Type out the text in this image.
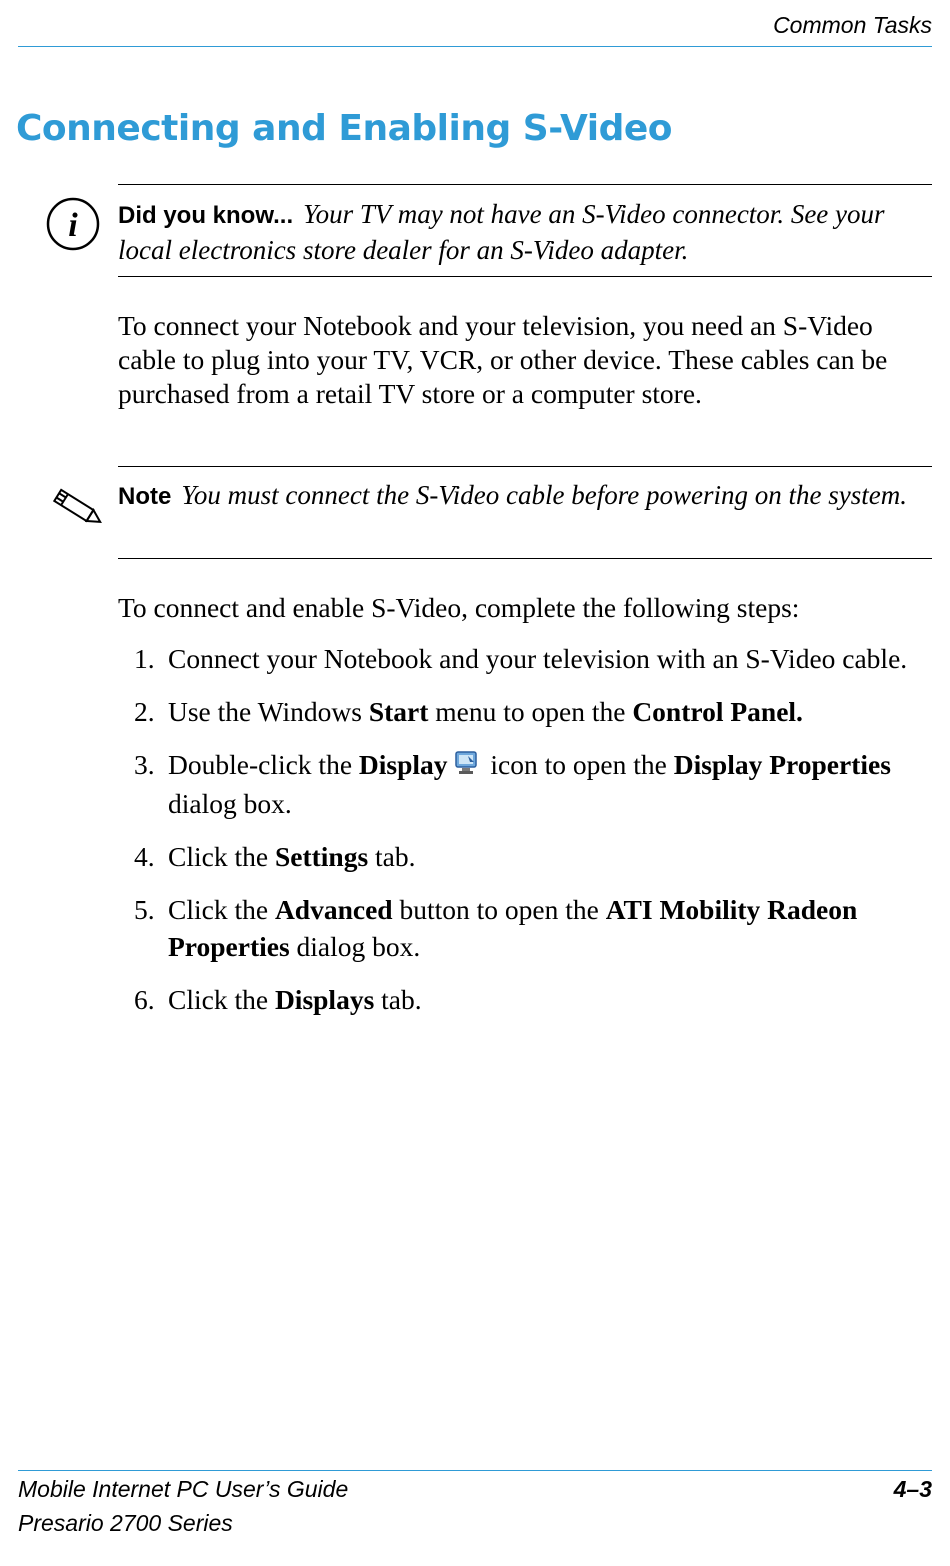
Common Tasks
Connecting and Enabling S-Video
i Did you know... Your TV may not have an S-Video connector. See your local electronics store dealer for an S-Video adapter.

To connect your Notebook and your television, you need an S-Video cable to plug into your TV, VCR, or other device. These cables can be purchased from a retail TV store or a computer store.

Note You must connect the S-Video cable before powering on the system.

To connect and enable S-Video, complete the following steps:

1. Connect your Notebook and your television with an S-Video cable.
2. Use the Windows Start menu to open the Control Panel.
3. Double-click the Display icon to open the Display Properties dialog box.
4. Click the Settings tab.
5. Click the Advanced button to open the ATI Mobility Radeon Properties dialog box.
6. Click the Displays tab.
Mobile Internet PC User’s Guide
Presario 2700 Series
4–3
